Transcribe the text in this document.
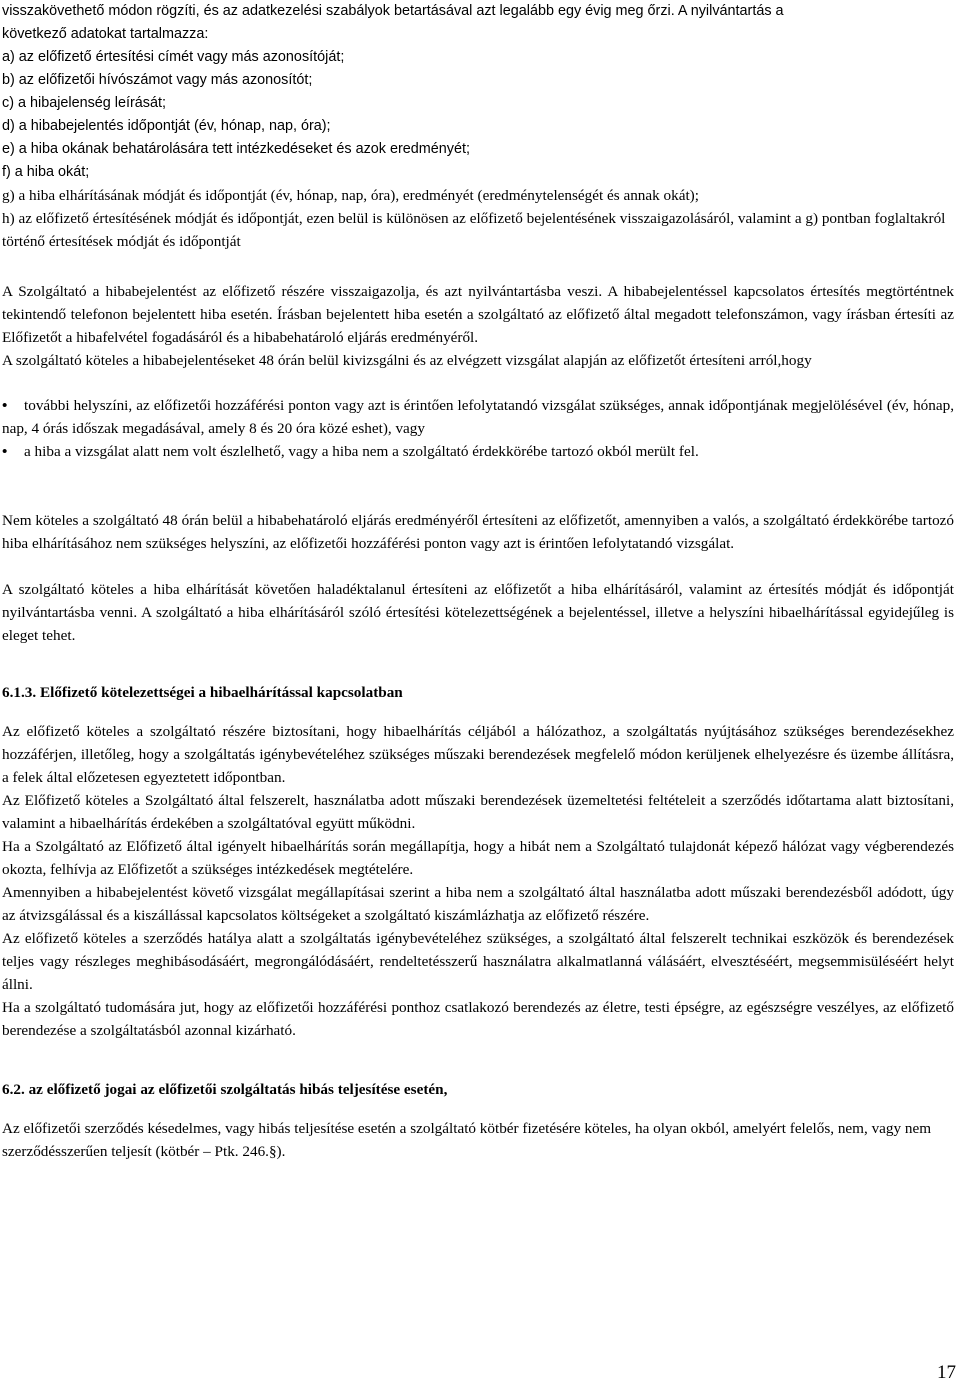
visszakövethető módon rögzíti, és az adatkezelési szabályok betartásával azt legalább egy évig meg őrzi. A nyilvántartás a

következő adatokat tartalmazza:

a) az előfizető értesítési címét vagy más azonosítóját;

b) az előfizetői hívószámot vagy más azonosítót;

c) a hibajelenség leírását;

d) a hibabejelentés időpontját (év, hónap, nap, óra);

e) a hiba okának behatárolására tett intézkedéseket és azok eredményét;

f) a hiba okát;

g) a hiba elhárításának módját és időpontját (év, hónap, nap, óra), eredményét (eredménytelenségét és annak okát);

h) az előfizető értesítésének módját és időpontját, ezen belül is különösen az előfizető bejelentésének visszaigazolásáról, valamint a g) pontban foglaltakról történő értesítések módját és időpontját

A Szolgáltató a hibabejelentést az előfizető részére visszaigazolja, és azt nyilvántartásba veszi. A hibabejelentéssel kapcsolatos értesítés megtörténtnek tekintendő telefonon bejelentett hiba esetén. Írásban bejelentett hiba esetén a szolgáltató az előfizető által megadott telefonszámon, vagy írásban értesíti az Előfizetőt a hibafelvétel fogadásáról és a hibabehatároló eljárás eredményéről.

A szolgáltató köteles a hibabejelentéseket 48 órán belül kivizsgálni és az elvégzett vizsgálat alapján az előfizetőt értesíteni arról,hogy

• további helyszíni, az előfizetői hozzáférési ponton vagy azt is érintően lefolytatandó vizsgálat szükséges, annak időpontjának megjelölésével (év, hónap, nap, 4 órás időszak megadásával, amely 8 és 20 óra közé eshet), vagy

• a hiba a vizsgálat alatt nem volt észlelhető, vagy a hiba nem a szolgáltató érdekkörébe tartozó okból merült fel.

Nem köteles a szolgáltató 48 órán belül a hibabehatároló eljárás eredményéről értesíteni az előfizetőt, amennyiben a valós, a szolgáltató érdekkörébe tartozó hiba elhárításához nem szükséges helyszíni, az előfizetői hozzáférési ponton vagy azt is érintően lefolytatandó vizsgálat.

A szolgáltató köteles a hiba elhárítását követően haladéktalanul értesíteni az előfizetőt a hiba elhárításáról, valamint az értesítés módját és időpontját nyilvántartásba venni. A szolgáltató a hiba elhárításáról szóló értesítési kötelezettségének a bejelentéssel, illetve a helyszíni hibaelhárítással egyidejűleg is eleget tehet.

6.1.3. Előfizető kötelezettségei a hibaelhárítással kapcsolatban

Az előfizető köteles a szolgáltató részére biztosítani, hogy hibaelhárítás céljából a hálózathoz, a szolgáltatás nyújtásához szükséges berendezésekhez hozzáférjen, illetőleg, hogy a szolgáltatás igénybevételéhez szükséges műszaki berendezések megfelelő módon kerüljenek elhelyezésre és üzembe állításra, a felek által előzetesen egyeztetett időpontban.

Az Előfizető köteles a Szolgáltató által felszerelt, használatba adott műszaki berendezések üzemeltetési feltételeit a szerződés időtartama alatt biztosítani, valamint a hibaelhárítás érdekében a szolgáltatóval együtt működni.

Ha a Szolgáltató az Előfizető által igényelt hibaelhárítás során megállapítja, hogy a hibát nem a Szolgáltató tulajdonát képező hálózat vagy végberendezés okozta, felhívja az Előfizetőt a szükséges intézkedések megtételére.

Amennyiben a hibabejelentést követő vizsgálat megállapításai szerint a hiba nem a szolgáltató által használatba adott műszaki berendezésből adódott, úgy az átvizsgálással és a kiszállással kapcsolatos költségeket a szolgáltató kiszámlázhatja az előfizető részére.

Az előfizető köteles a szerződés hatálya alatt a szolgáltatás igénybevételéhez szükséges, a szolgáltató által felszerelt technikai eszközök és berendezések teljes vagy részleges meghibásodásáért, megrongálódásáért, rendeltetésszerű használatra alkalmatlanná válásáért, elvesztéséért, megsemmisüléséért helyt állni.

Ha a szolgáltató tudomására jut, hogy az előfizetői hozzáférési ponthoz csatlakozó berendezés az életre, testi épségre, az egészségre veszélyes, az előfizető berendezése a szolgáltatásból azonnal kizárható.

6.2. az előfizető jogai az előfizetői szolgáltatás hibás teljesítése esetén,

Az előfizetői szerződés késedelmes, vagy hibás teljesítése esetén a szolgáltató kötbér fizetésére köteles, ha olyan okból, amelyért felelős, nem, vagy nem szerződésszerűen teljesít (kötbér – Ptk. 246.§).

17
